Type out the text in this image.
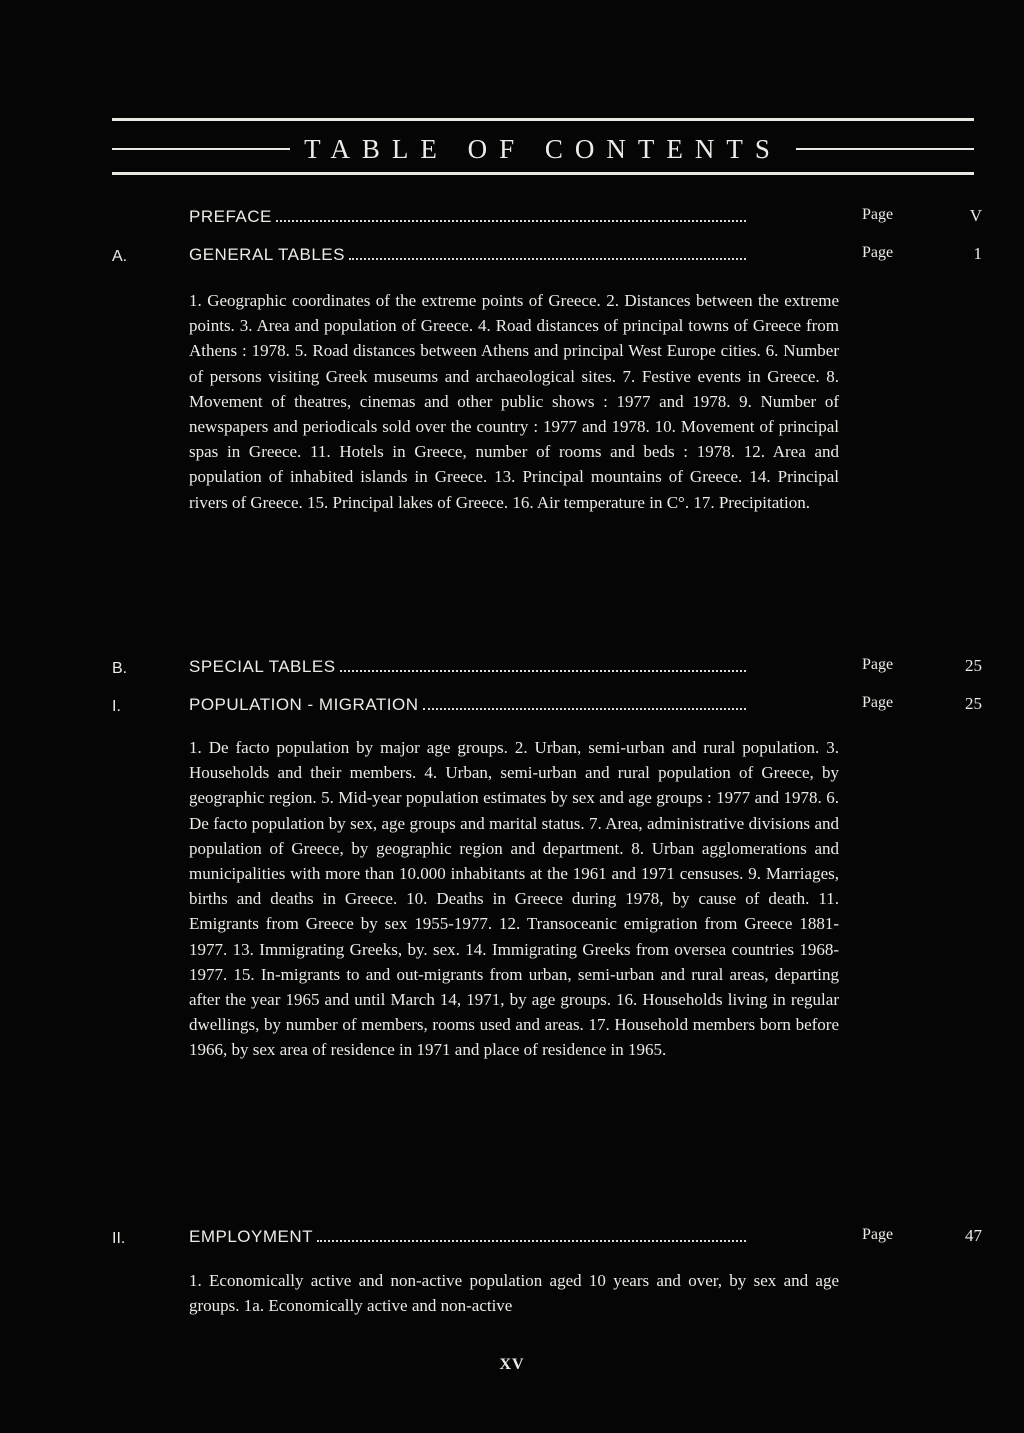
TABLE OF CONTENTS
PREFACE	Page	V
A.	GENERAL TABLES	Page	1

1. Geographic coordinates of the extreme points of Greece. 2. Distances between the extreme points. 3. Area and population of Greece. 4. Road distances of principal towns of Greece from Athens : 1978. 5. Road distances between Athens and principal West Europe cities. 6. Number of persons visiting Greek museums and archaeological sites. 7. Festive events in Greece. 8. Movement of theatres, cinemas and other public shows : 1977 and 1978. 9. Number of newspapers and periodicals sold over the country : 1977 and 1978. 10. Movement of principal spas in Greece. 11. Hotels in Greece, number of rooms and beds : 1978. 12. Area and population of inhabited islands in Greece. 13. Principal mountains of Greece. 14. Principal rivers of Greece. 15. Principal lakes of Greece. 16. Air temperature in C°. 17. Precipitation.

B.	SPECIAL TABLES	Page	25
I.	POPULATION - MIGRATION	Page	25

1. De facto population by major age groups. 2. Urban, semi-urban and rural population. 3. Households and their members. 4. Urban, semi-urban and rural population of Greece, by geographic region. 5. Mid-year population estimates by sex and age groups : 1977 and 1978. 6. De facto population by sex, age groups and marital status. 7. Area, administrative divisions and population of Greece, by geographic region and department. 8. Urban agglomerations and municipalities with more than 10.000 inhabitants at the 1961 and 1971 censuses. 9. Marriages, births and deaths in Greece. 10. Deaths in Greece during 1978, by cause of death. 11. Emigrants from Greece by sex 1955-1977. 12. Transoceanic emigration from Greece 1881-1977. 13. Immigrating Greeks, by. sex. 14. Immigrating Greeks from oversea countries 1968-1977. 15. In-migrants to and out-migrants from urban, semi-urban and rural areas, departing after the year 1965 and until March 14, 1971, by age groups. 16. Households living in regular dwellings, by number of members, rooms used and areas. 17. Household members born before 1966, by sex area of residence in 1971 and place of residence in 1965.

II.	EMPLOYMENT	Page	47

1. Economically active and non-active population aged 10 years and over, by sex and age groups. 1a. Economically active and non-active

XV
